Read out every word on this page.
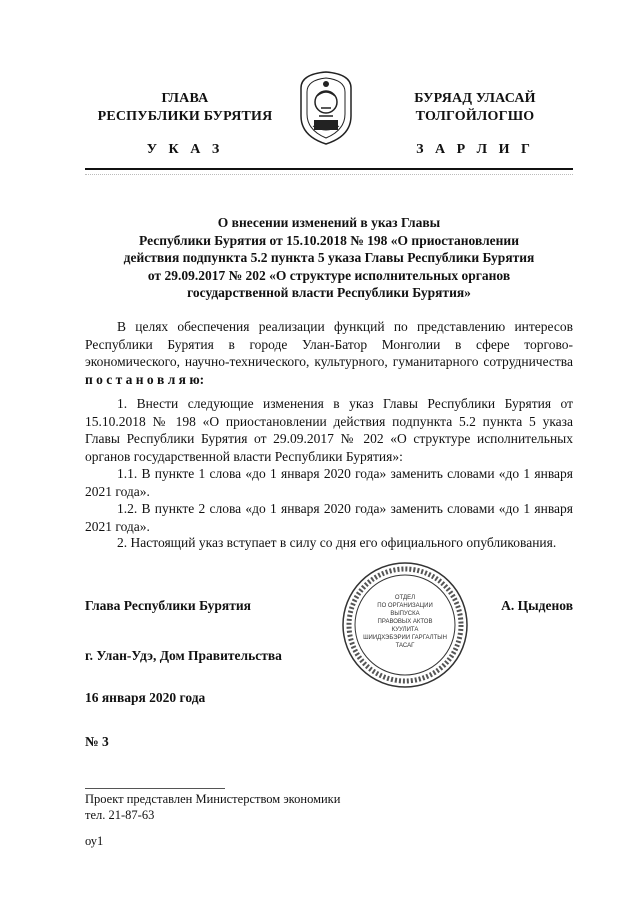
ГЛАВА
РЕСПУБЛИКИ БУРЯТИЯ
БУРЯАД УЛАСАЙ
ТОЛГОЙЛОГШО
У К А З	З А Р Л И Г
О внесении изменений в указ Главы
Республики Бурятия от 15.10.2018 № 198 «О приостановлении
действия подпункта 5.2 пункта 5 указа Главы Республики Бурятия
от 29.09.2017 № 202 «О структуре исполнительных органов
государственной власти Республики Бурятия»

В целях обеспечения реализации функций по представлению интересов Республики Бурятия в городе Улан-Батор Монголии в сфере торгово-экономического, научно-технического, культурного, гуманитарного сотрудничества п о с т а н о в л я ю:

1. Внести следующие изменения в указ Главы Республики Бурятия от 15.10.2018 № 198 «О приостановлении действия подпункта 5.2 пункта 5 указа Главы Республики Бурятия от 29.09.2017 № 202 «О структуре исполнительных органов государственной власти Республики Бурятия»:

1.1. В пункте 1 слова «до 1 января 2020 года» заменить словами «до 1 января 2021 года».

1.2. В пункте 2 слова «до 1 января 2020 года» заменить словами «до 1 января 2021 года».

2. Настоящий указ вступает в силу со дня его официального опубликования.

Глава Республики Бурятия	А. Цыденов
ОТДЕЛ
ПО ОРГАНИЗАЦИИ
ВЫПУСКА
ПРАВОВЫХ АКТОВ
КУУЛИТА
ШИИДХЭБЭРИИ ГАРГАЛТЫН
ТАСАГ
г. Улан-Удэ, Дом Правительства
16 января 2020 года
№ 3
Проект представлен Министерством экономики
тел. 21-87-63
оу1
